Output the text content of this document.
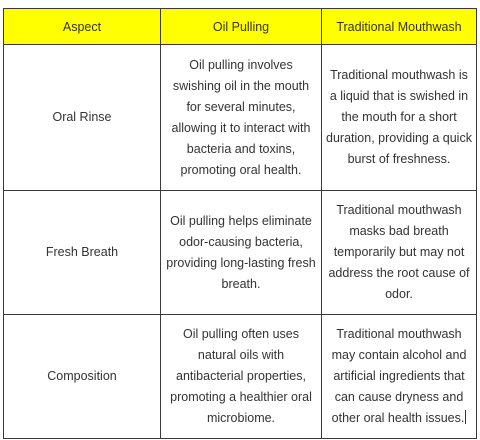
Aspect	Oil Pulling	Traditional Mouthwash
Oral Rinse	Oil pulling involves swishing oil in the mouth for several minutes, allowing it to interact with bacteria and toxins, promoting oral health.	Traditional mouthwash is a liquid that is swished in the mouth for a short duration, providing a quick burst of freshness.
Fresh Breath	Oil pulling helps eliminate odor-causing bacteria, providing long-lasting fresh breath.	Traditional mouthwash masks bad breath temporarily but may not address the root cause of odor.
Composition	Oil pulling often uses natural oils with antibacterial properties, promoting a healthier oral microbiome.	Traditional mouthwash may contain alcohol and artificial ingredients that can cause dryness and other oral health issues.
